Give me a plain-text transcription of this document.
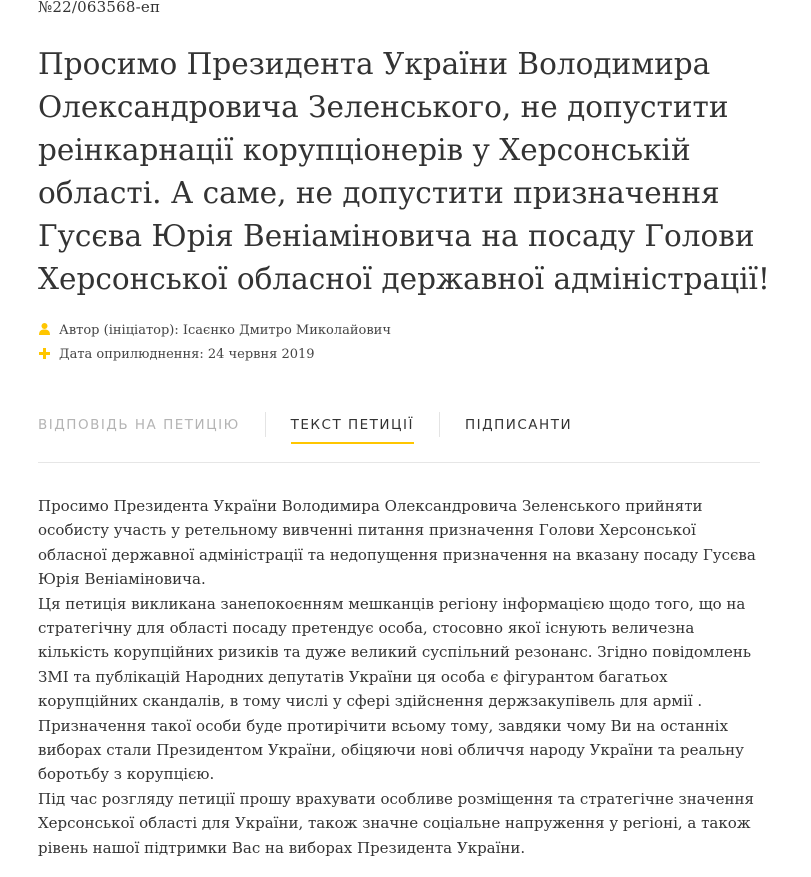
№22/063568-еп
Просимо Президента України Володимира Олександровича Зеленського, не допустити реінкарнації корупціонерів у Херсонській області. А саме, не допустити призначення Гусєва Юрія Веніаміновича на посаду Голови Херсонської обласної державної адміністрації!
Автор (ініціатор):
Ісаєнко Дмитро Миколайович
Дата оприлюднення:
24 червня 2019
ВІДПОВІДЬ НА ПЕТИЦІЮ	ТЕКСТ ПЕТИЦІЇ	ПІДПИСАНТИ

Просимо Президента України Володимира Олександровича Зеленського прийняти особисту участь у ретельному вивченні питання призначення Голови Херсонської обласної державної адміністрації та недопущення призначення на вказану посаду Гусєва Юрія Веніаміновича.

Ця петиція викликана занепокоєнням мешканців регіону інформацією щодо того, що на стратегічну для області посаду претендує особа, стосовно якої існують величезна кількість корупційних ризиків та дуже великий суспільний резонанс. Згідно повідомлень ЗМІ та публікацій Народних депутатів України ця особа є фігурантом багатьох корупційних скандалів, в тому числі у сфері здійснення держзакупівель для армії .

Призначення такої особи буде протирічити всьому тому, завдяки чому Ви на останніх виборах стали Президентом України, обіцяючи нові обличчя народу України та реальну боротьбу з корупцією.

Під час розгляду петиції прошу врахувати особливе розміщення та стратегічне значення Херсонської області для України, також значне соціальне напруження у регіоні, а також рівень нашої підтримки Вас на виборах Президента України.
